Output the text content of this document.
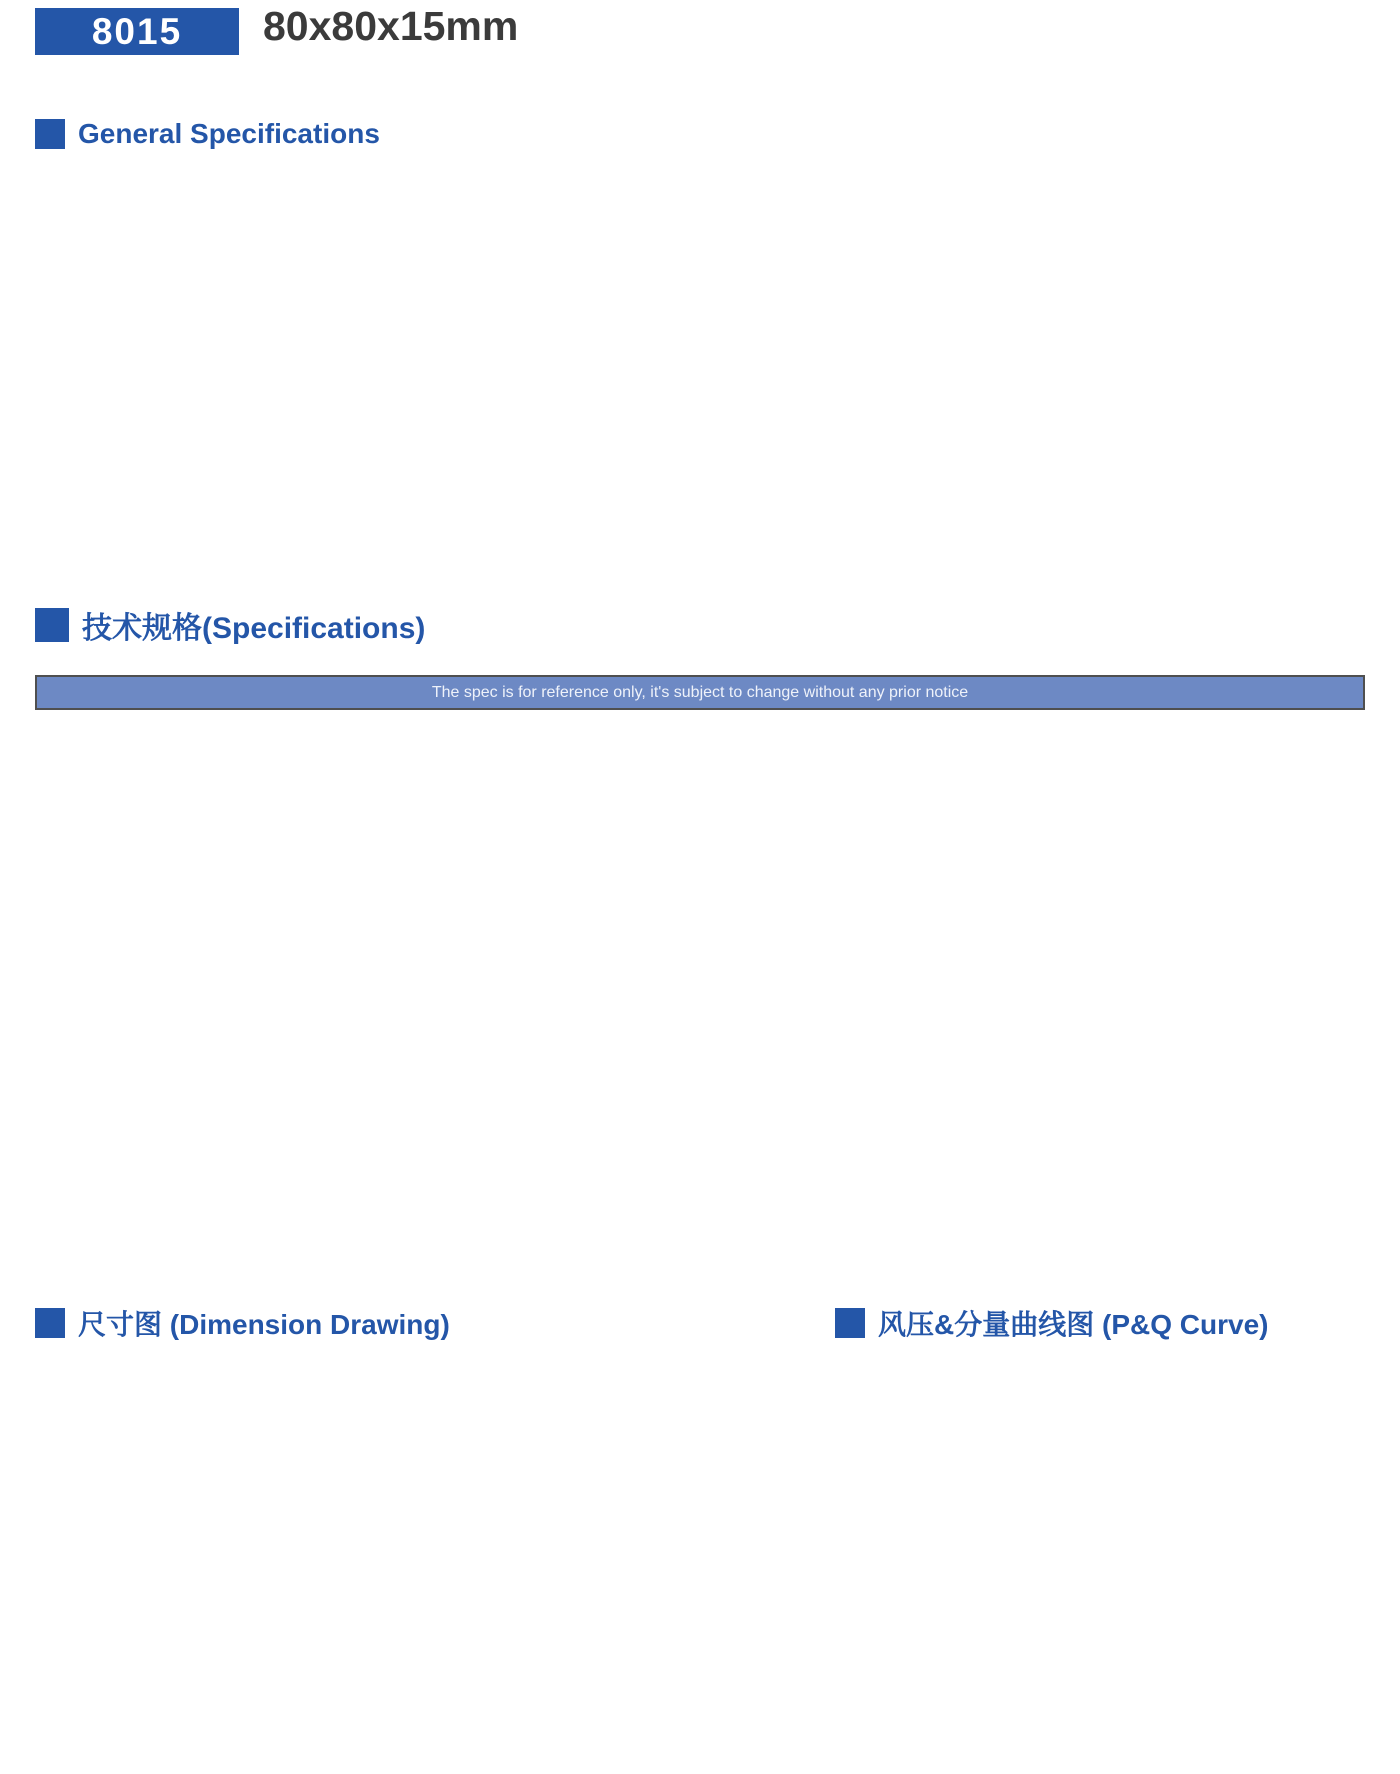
8015 80x80x15mm
General Specifications
技术规格(Specifications)
The spec is for reference only, it's subject to change without any prior notice
尺寸图 (Dimension Drawing)	风压&分量曲线图 (P&Q Curve)
